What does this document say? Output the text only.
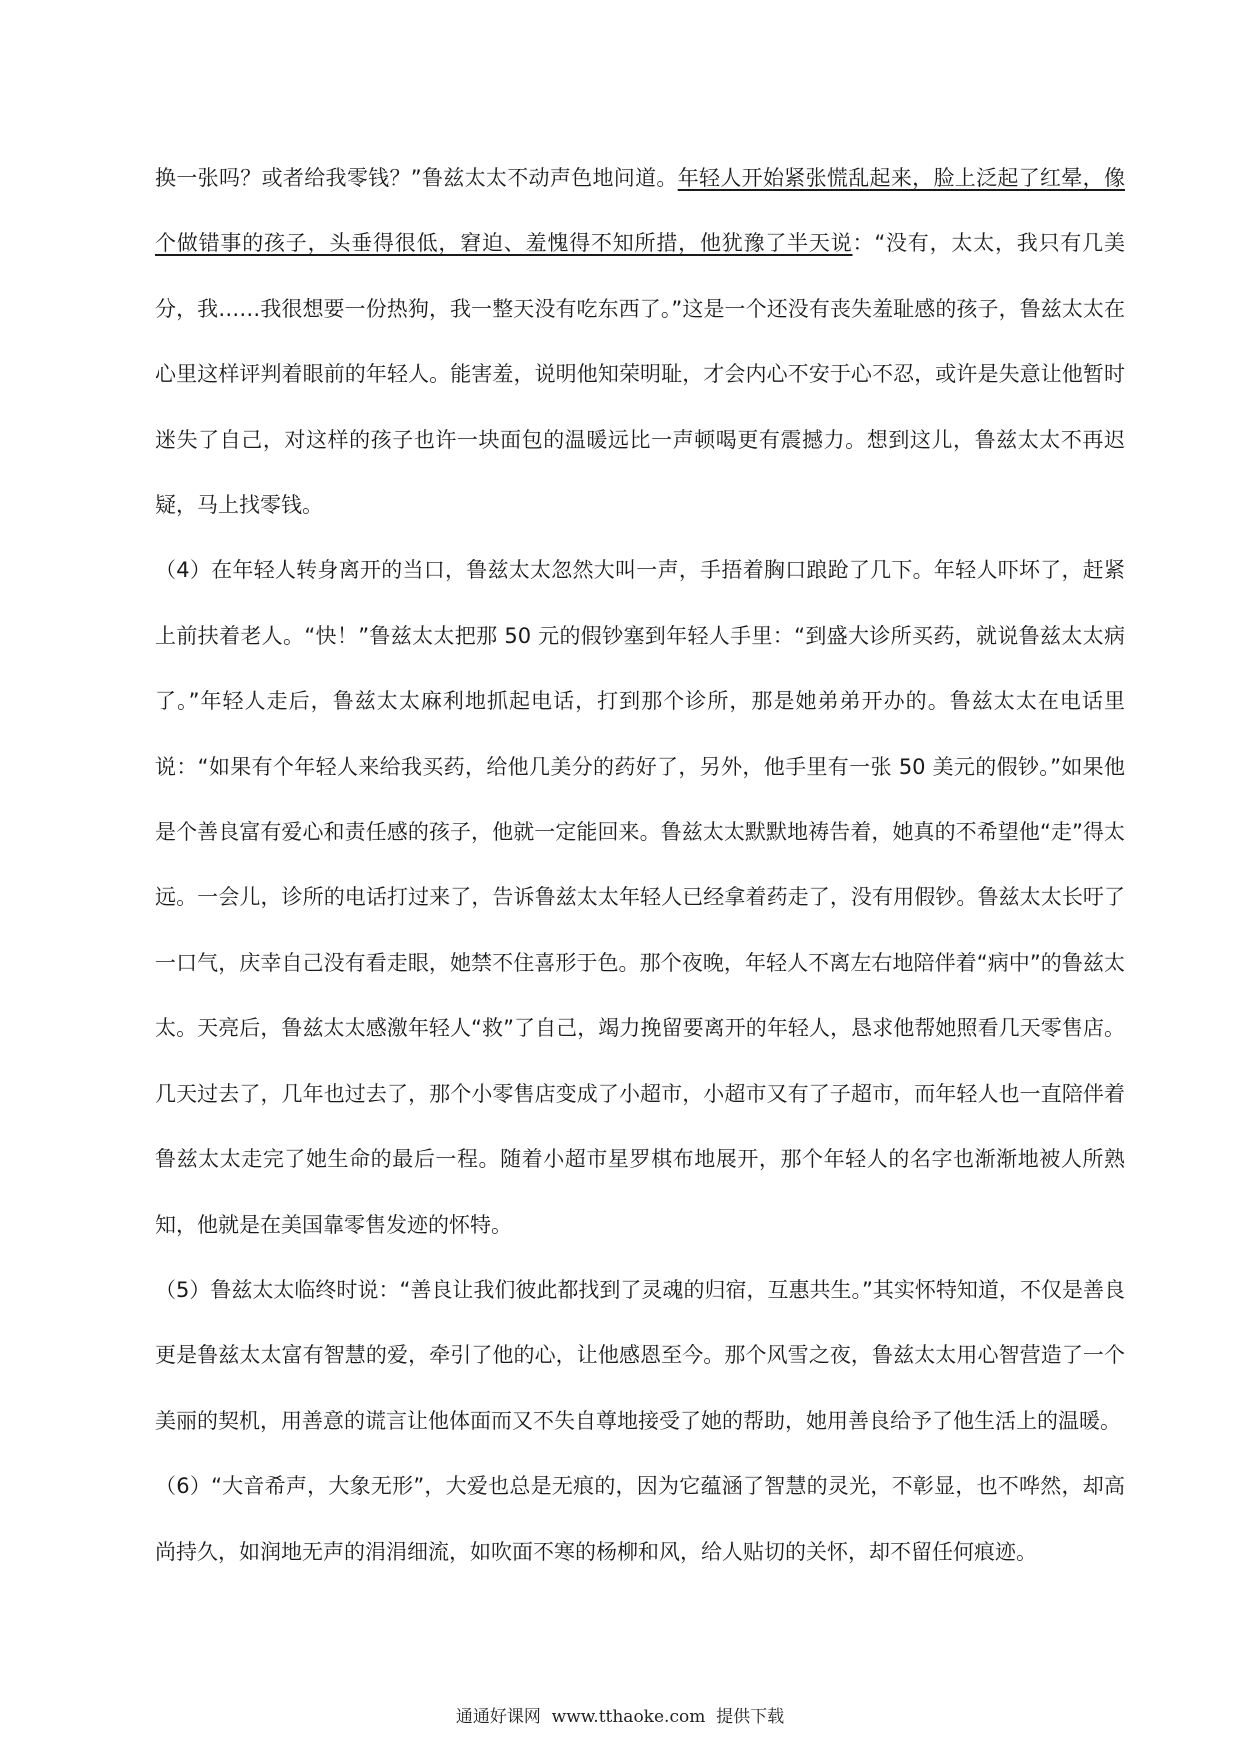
换一张吗？或者给我零钱？”鲁兹太太不动声色地问道。年轻人开始紧张慌乱起来，脸上泛起了红晕，像个做错事的孩子，头垂得很低，窘迫、羞愧得不知所措，他犹豫了半天说：“没有，太太，我只有几美分，我……我很想要一份热狗，我一整天没有吃东西了。”这是一个还没有丧失羞耻感的孩子，鲁兹太太在心里这样评判着眼前的年轻人。能害羞，说明他知荣明耻，才会内心不安于心不忍，或许是失意让他暂时迷失了自己，对这样的孩子也许一块面包的温暖远比一声顿喝更有震撼力。想到这儿，鲁兹太太不再迟疑，马上找零钱。

（4）在年轻人转身离开的当口，鲁兹太太忽然大叫一声，手捂着胸口踉跄了几下。年轻人吓坏了，赶紧上前扶着老人。“快！”鲁兹太太把那 50 元的假钞塞到年轻人手里：“到盛大诊所买药，就说鲁兹太太病了。”年轻人走后，鲁兹太太麻利地抓起电话，打到那个诊所，那是她弟弟开办的。鲁兹太太在电话里说：“如果有个年轻人来给我买药，给他几美分的药好了，另外，他手里有一张 50 美元的假钞。”如果他是个善良富有爱心和责任感的孩子，他就一定能回来。鲁兹太太默默地祷告着，她真的不希望他“走”得太远。一会儿，诊所的电话打过来了，告诉鲁兹太太年轻人已经拿着药走了，没有用假钞。鲁兹太太长吁了一口气，庆幸自己没有看走眼，她禁不住喜形于色。那个夜晚，年轻人不离左右地陪伴着“病中”的鲁兹太太。天亮后，鲁兹太太感激年轻人“救”了自己，竭力挽留要离开的年轻人，恳求他帮她照看几天零售店。几天过去了，几年也过去了，那个小零售店变成了小超市，小超市又有了子超市，而年轻人也一直陪伴着鲁兹太太走完了她生命的最后一程。随着小超市星罗棋布地展开，那个年轻人的名字也渐渐地被人所熟知，他就是在美国靠零售发迹的怀特。

（5）鲁兹太太临终时说：“善良让我们彼此都找到了灵魂的归宿，互惠共生。”其实怀特知道，不仅是善良更是鲁兹太太富有智慧的爱，牵引了他的心，让他感恩至今。那个风雪之夜，鲁兹太太用心智营造了一个美丽的契机，用善意的谎言让他体面而又不失自尊地接受了她的帮助，她用善良给予了他生活上的温暖。

（6）“大音希声，大象无形”，大爱也总是无痕的，因为它蕴涵了智慧的灵光，不彰显，也不哗然，却高尚持久，如润地无声的涓涓细流，如吹面不寒的杨柳和风，给人贴切的关怀，却不留任何痕迹。

通通好课网 www.tthaoke.com 提供下载
